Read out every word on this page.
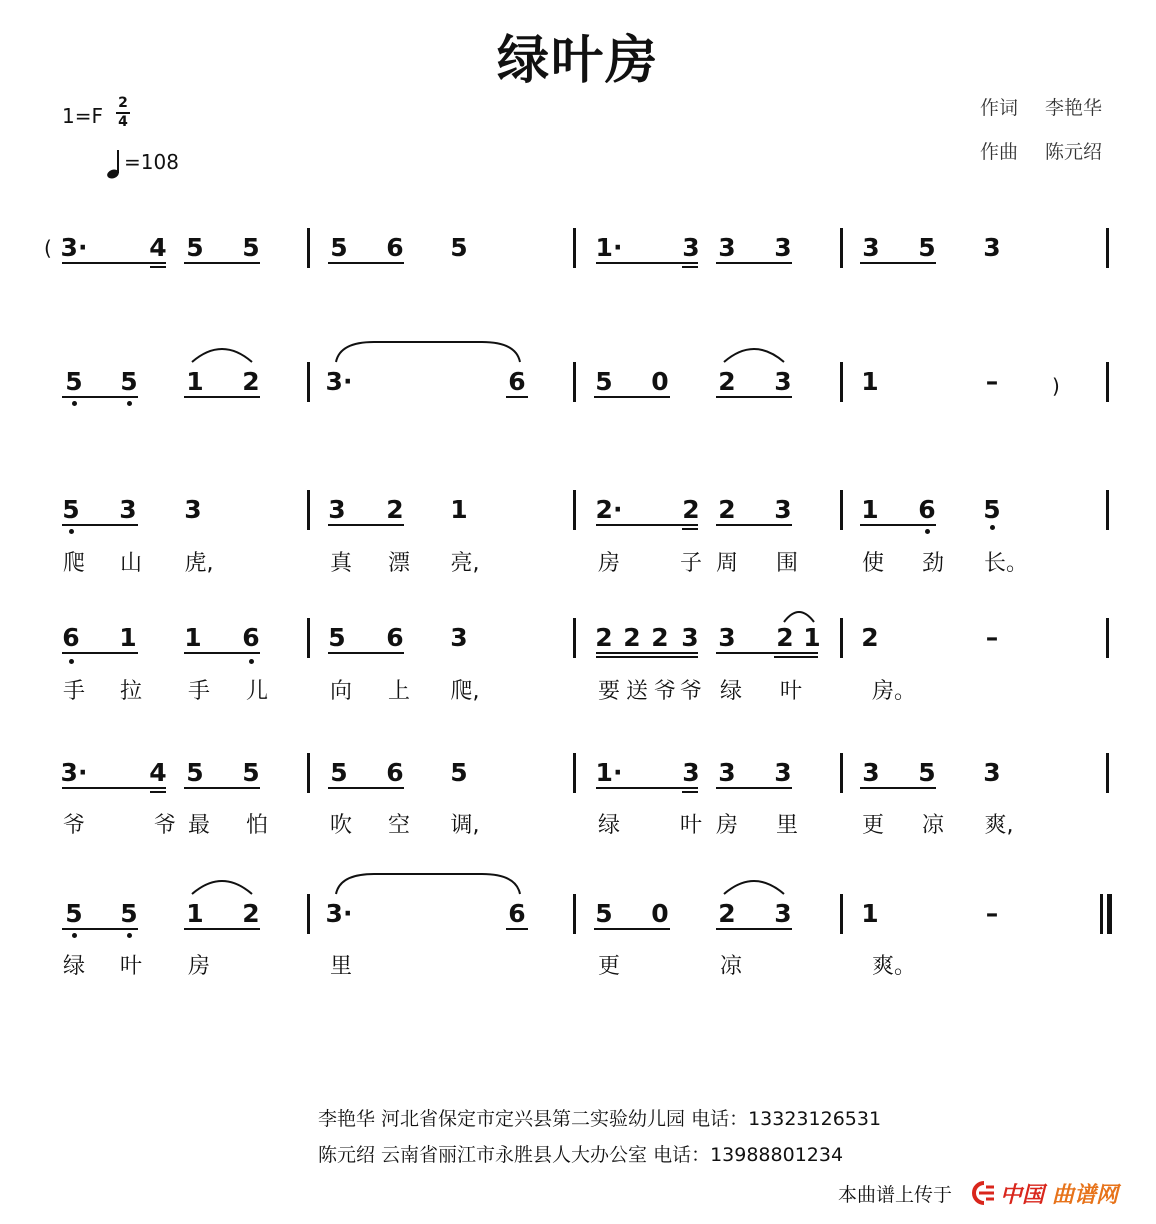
绿叶房
1=F
2
4
=108
作词 李艳华
作曲 陈元绍
( 3· 4 5 5	5 6 5	1· 3 3 3	3 5 3
5 5 1 2	3·	6	5 0 2 3	1	–	)
5 3 3	3 2 1	2· 2 2 3	1 6 5
爬 山 虎,	真 漂 亮,	房	子 周 围	使 劲 长。
6 1 1 6	5 6 3	2 2 2 3 3 2 1 2	–
手 拉 手 儿	向 上 爬,	要 送 爷 爷 绿 叶	房。
3· 4 5 5	5 6 5	1· 3 3 3	3 5 3
爷	爷 最 怕	吹 空 调,	绿	叶 房 里	更 凉 爽,
5 5 1 2	3·	6	5 0 2 3	1	–
绿 叶 房	里	更	凉	爽。
李艳华 河北省保定市定兴县第二实验幼儿园 电话：13323126531
陈元绍 云南省丽江市永胜县人大办公室 电话：13988801234
本曲谱上传于 中国 曲谱网
